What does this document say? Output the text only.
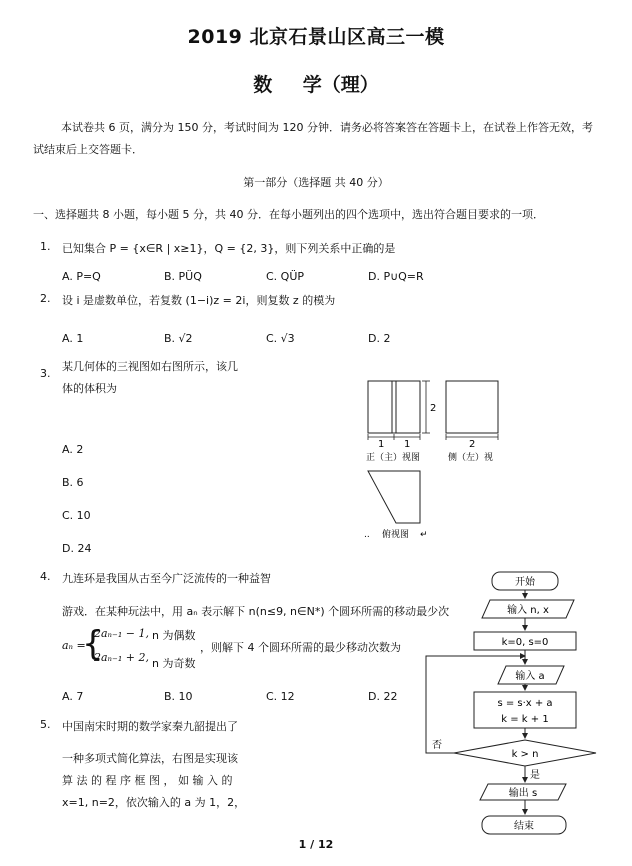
2019 北京石景山区高三一模
数 学（理）
本试卷共 6 页，满分为 150 分，考试时间为 120 分钟．请务必将答案答在答题卡上，在试卷上作答无效，考试结束后上交答题卡．
第一部分（选择题 共 40 分）
一、选择题共 8 小题，每小题 5 分，共 40 分．在每小题列出的四个选项中，选出符合题目要求的一项．
1. 已知集合 P = {x∈R | x≥1}，Q = {2, 3}，则下列关系中正确的是
A. P=Q	B. PÜQ	C. QÜP	D. P∪Q=R
2. 设 i 是虚数单位，若复数 (1−i)z = 2i，则复数 z 的模为
A. 1	B. √2	C. √3	D. 2
3.
某几何体的三视图如右图所示，该几
体的体积为
A. 2
B. 6
C. 10
D. 24
2
1 1
正（主）视图
2
侧（左）视
.. 俯视图 ↵
4. 九连环是我国从古至今广泛流传的一种益智
游戏．在某种玩法中，用 aₙ 表示解下 n(n≤9, n∈N*) 个圆环所需的移动最少次
aₙ =
{
2aₙ₋₁ − 1,
2aₙ₋₁ + 2,
n 为偶数
n 为奇数
，则解下 4 个圆环所需的最少移动次数为
A. 7	B. 10	C. 12	D. 22
5. 中国南宋时期的数学家秦九韶提出了
一种多项式简化算法，右图是实现该
算 法 的 程 序 框 图 ， 如 输 入 的
x=1, n=2，依次输入的 a 为 1，2，
开始
输入 n, x
k=0, s=0
输入 a
s = s·x + a
k = k + 1
k > n
否
是
输出 s
结束
1 / 12
